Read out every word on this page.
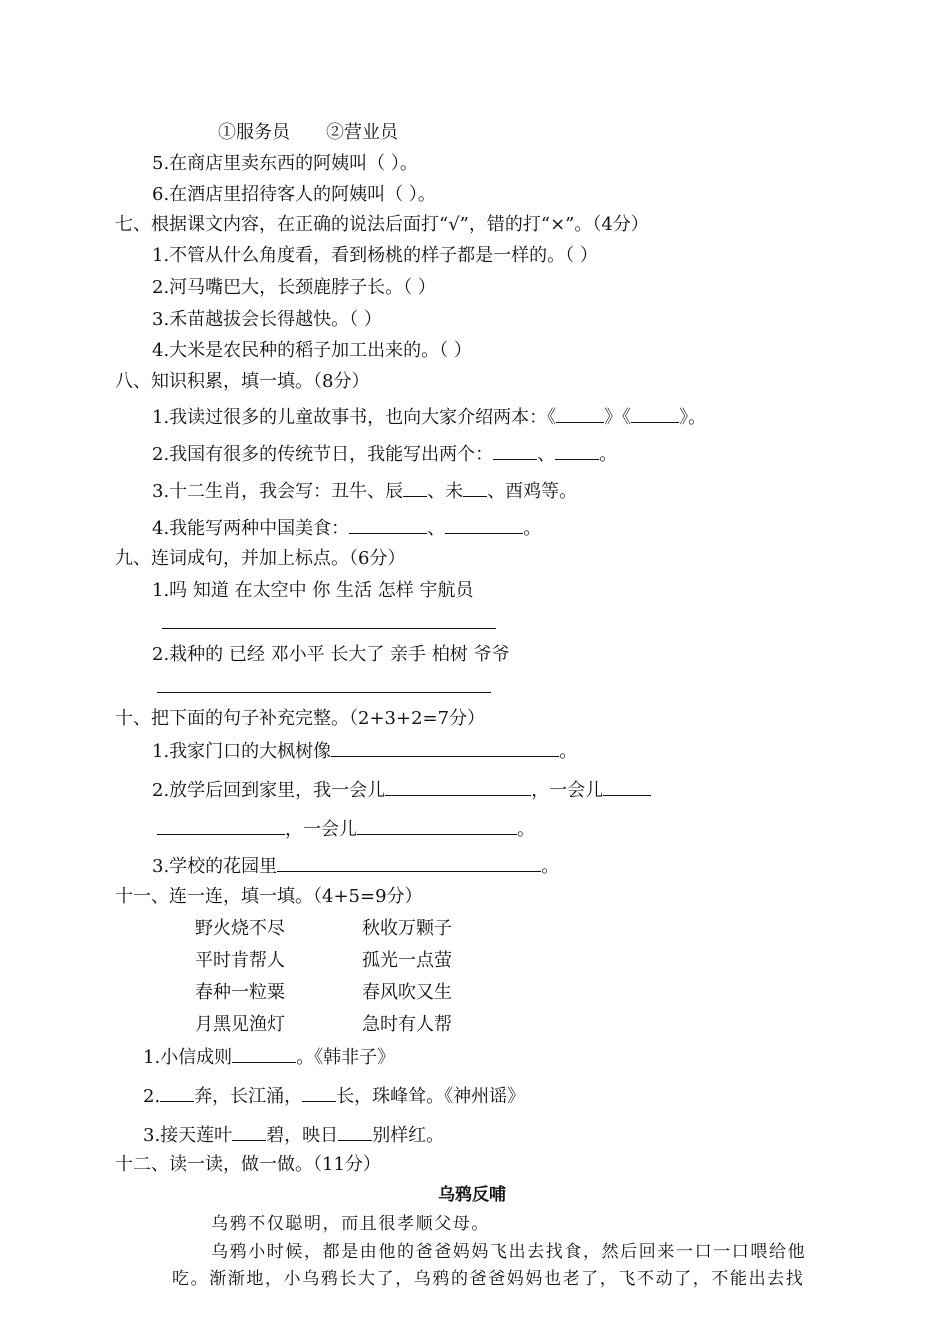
①服务员 ②营业员
5.在商店里卖东西的阿姨叫（ ）。
6.在酒店里招待客人的阿姨叫（ ）。
七、根据课文内容，在正确的说法后面打“√”，错的打“×”。（4分）
1.不管从什么角度看，看到杨桃的样子都是一样的。（ ）
2.河马嘴巴大，长颈鹿脖子长。（ ）
3.禾苗越拔会长得越快。（ ）
4.大米是农民种的稻子加工出来的。（ ）
八、知识积累，填一填。（8分）
1.我读过很多的儿童故事书，也向大家介绍两本：《	》《	》。
2.我国有很多的传统节日，我能写出两个： 、 。
3.十二生肖，我会写：丑牛、辰 、未 、酉鸡等。
4.我能写两种中国美食：	、	。
九、连词成句，并加上标点。（6分）
1.吗 知道 在太空中 你 生活 怎样 宇航员
2.栽种的 已经 邓小平 长大了 亲手 柏树 爷爷
十、把下面的句子补充完整。（2+3+2=7分）
1.我家门口的大枫树像	。
2.放学后回到家里，我一会儿	，一会儿
，一会儿	。
3.学校的花园里	。
十一、连一连，填一填。（4+5=9分）
野火烧不尽	秋收万颗子
平时肯帮人	孤光一点萤
春种一粒粟	春风吹又生
月黑见渔灯	急时有人帮
1.小信成则	。《韩非子》
2. 奔，长江涌， 长，珠峰耸。《神州谣》
3.接天莲叶 碧，映日 别样红。
十二、读一读，做一做。（11分）
乌鸦反哺
乌鸦不仅聪明，而且很孝顺父母。
乌鸦小时候，都是由他的爸爸妈妈飞出去找食，然后回来一口一口喂给他
吃。渐渐地，小乌鸦长大了，乌鸦的爸爸妈妈也老了，飞不动了，不能出去找
